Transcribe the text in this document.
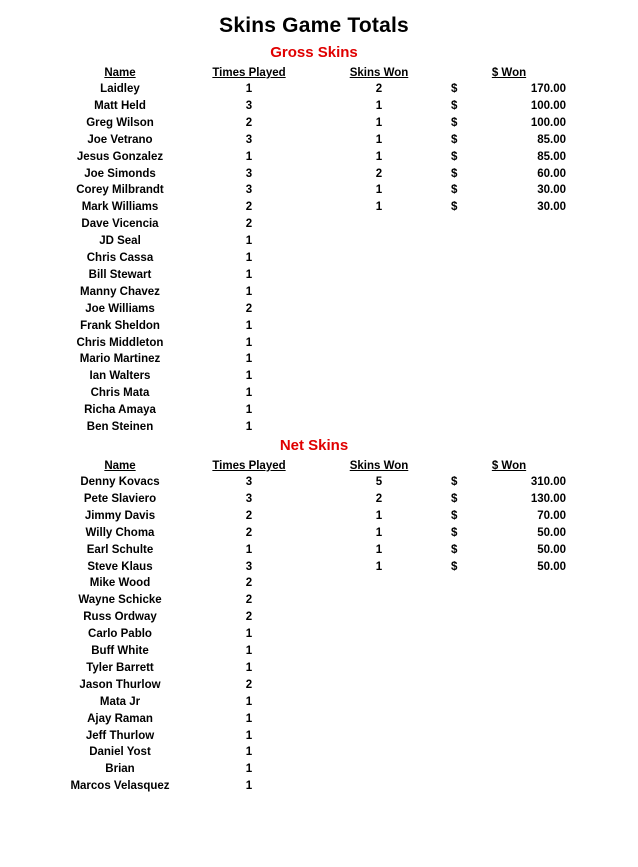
Skins Game Totals
Gross Skins
Name	Times Played	Skins Won	$ Won
Laidley	1	2	$	170.00
Matt Held	3	1	$	100.00
Greg Wilson	2	1	$	100.00
Joe Vetrano	3	1	$	85.00
Jesus Gonzalez	1	1	$	85.00
Joe Simonds	3	2	$	60.00
Corey Milbrandt	3	1	$	30.00
Mark Williams	2	1	$	30.00
Dave Vicencia	2
JD Seal	1
Chris Cassa	1
Bill Stewart	1
Manny Chavez	1
Joe Williams	2
Frank Sheldon	1
Chris Middleton	1
Mario Martinez	1
Ian Walters	1
Chris Mata	1
Richa Amaya	1
Ben Steinen	1
Net Skins
Name	Times Played	Skins Won	$ Won
Denny Kovacs	3	5	$	310.00
Pete Slaviero	3	2	$	130.00
Jimmy Davis	2	1	$	70.00
Willy Choma	2	1	$	50.00
Earl Schulte	1	1	$	50.00
Steve Klaus	3	1	$	50.00
Mike Wood	2
Wayne Schicke	2
Russ Ordway	2
Carlo Pablo	1
Buff White	1
Tyler Barrett	1
Jason Thurlow	2
Mata Jr	1
Ajay Raman	1
Jeff Thurlow	1
Daniel Yost	1
Brian	1
Marcos Velasquez	1
